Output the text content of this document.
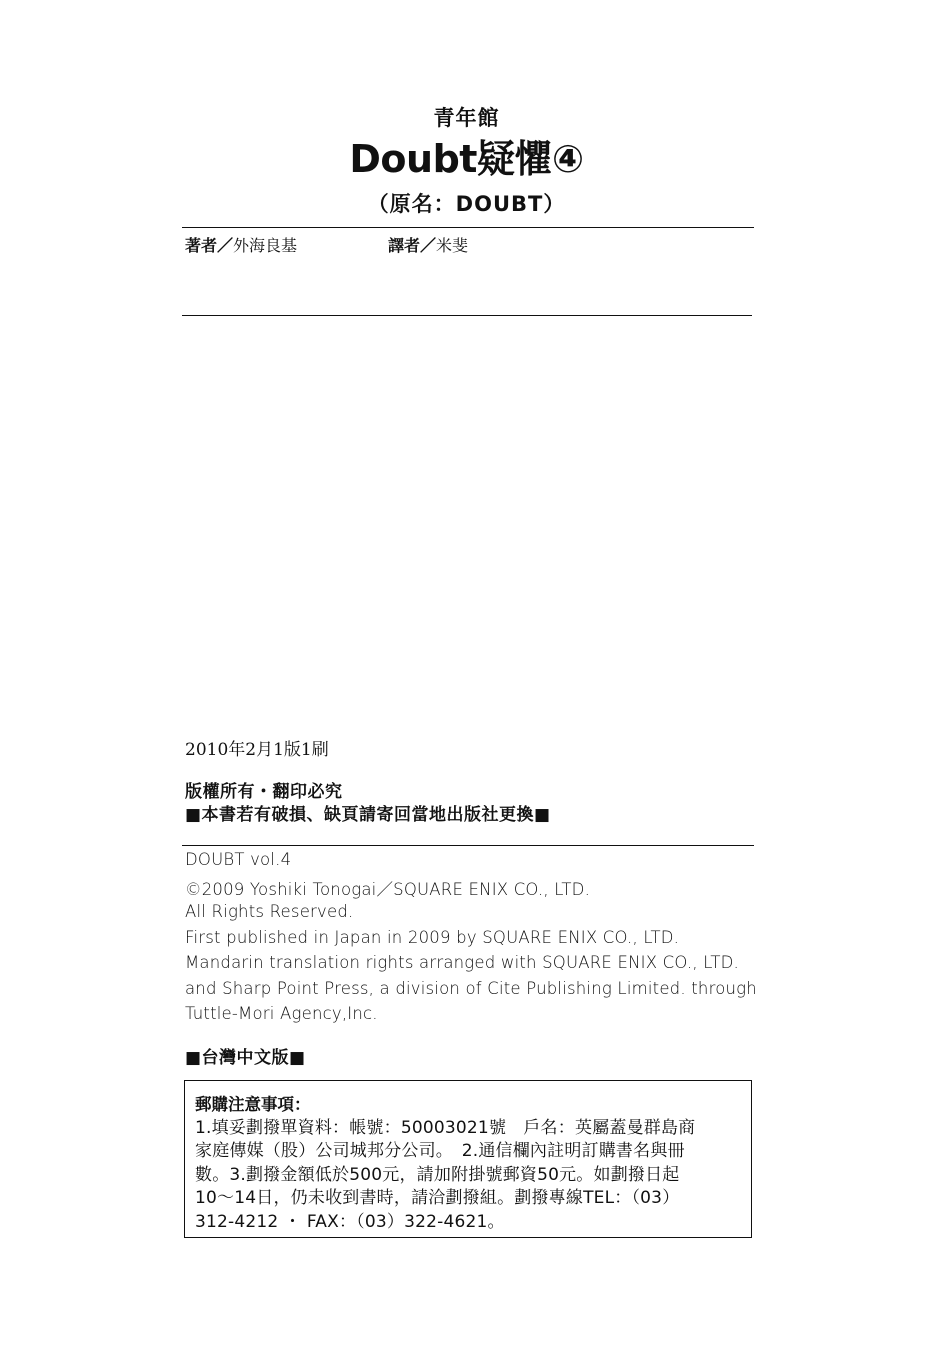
青年館
Doubt疑懼④
（原名：DOUBT）
著者／外海良基	譯者／米斐
2010年2月1版1刷
版權所有・翻印必究
■本書若有破損、缺頁請寄回當地出版社更換■
DOUBT vol.4
©2009 Yoshiki Tonogai／SQUARE ENIX CO., LTD.
All Rights Reserved.
First published in Japan in 2009 by SQUARE ENIX CO., LTD.
Mandarin translation rights arranged with SQUARE ENIX CO., LTD.
and Sharp Point Press, a division of Cite Publishing Limited. through
Tuttle-Mori Agency,Inc.
■台灣中文版■
郵購注意事項：
1.填妥劃撥單資料：帳號：50003021號　戶名：英屬蓋曼群島商
家庭傳媒（股）公司城邦分公司。　2.通信欄內註明訂購書名與冊
數。3.劃撥金額低於500元，請加附掛號郵資50元。如劃撥日起
10～14日，仍未收到書時，請洽劃撥組。劃撥專線TEL：（03）
312-4212 ・ FAX：（03）322-4621。
